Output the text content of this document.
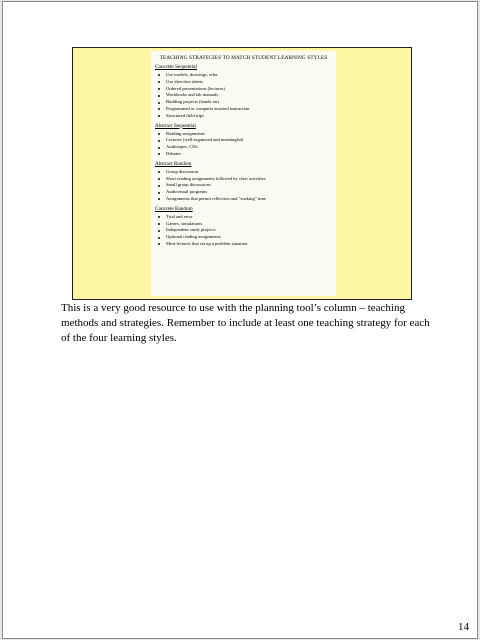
TEACHING STRATEGIES TO MATCH STUDENT LEARNING STYLES
Concrete Sequential
Use models, drawings, relia
Use direction sheets
Ordered presentations (lectures)
Workbooks and lab manuals
Building projects (hands-on)
Programmed or computer assisted instruction
Structured field trips
Abstract Sequential
Reading assignments
Lectures (well-organized and meaningful)
Audiotapes, CDs
Debates
Abstract Random
Group discussion
Short reading assignments followed by class activities
Small group discussions
Audiovisual programs
Assignments that permit reflection and "soaking" time
Concrete Random
Trial and error
Games, simulations
Independent study projects
Optional reading assignments
Mini-lectures that set up a problem situation
This is a very good resource to use with the planning tool’s column – teaching methods and strategies. Remember to include at least one teaching strategy for each of the four learning styles.
14
